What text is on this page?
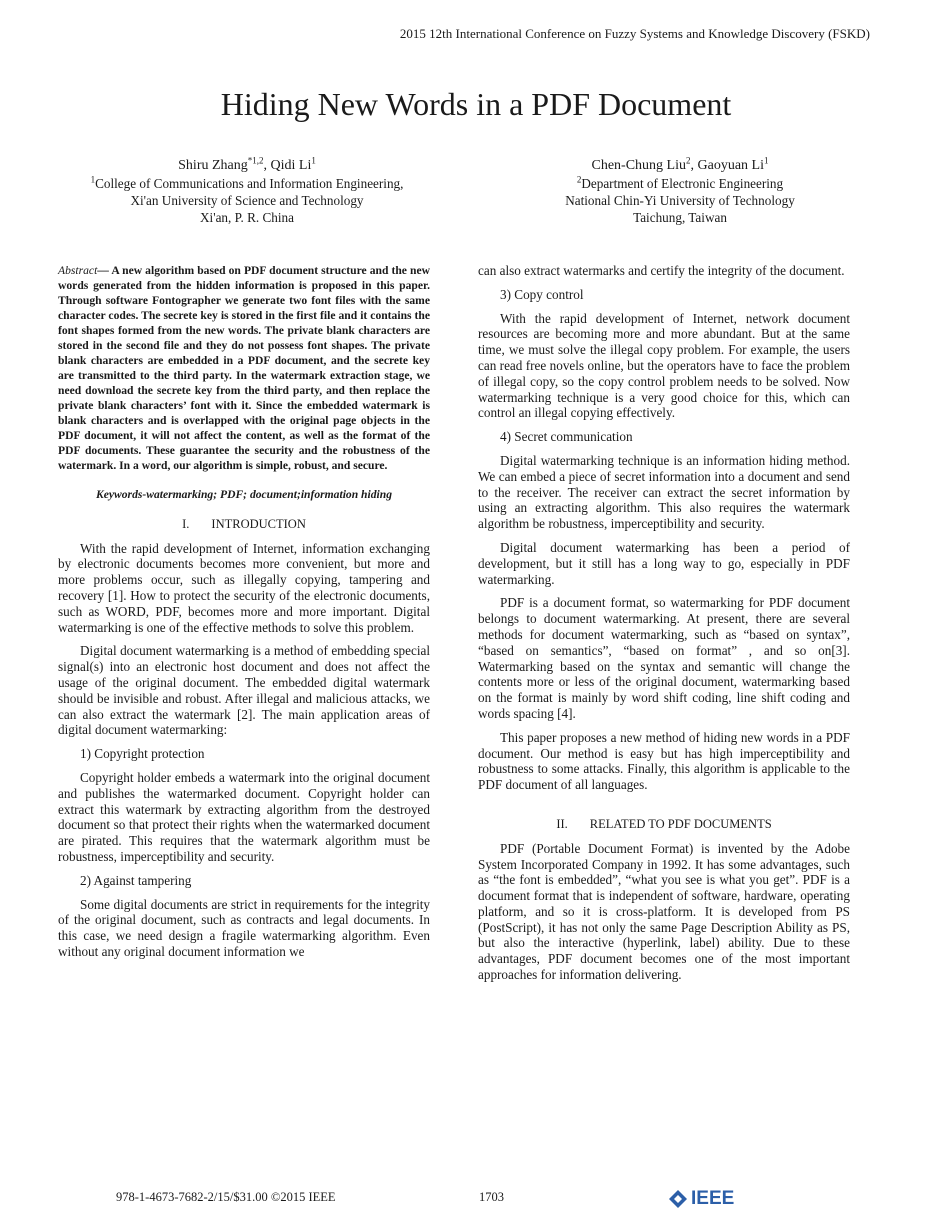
2015 12th International Conference on Fuzzy Systems and Knowledge Discovery (FSKD)
Hiding New Words in a PDF Document
Shiru Zhang$^{*1,2}$, Qidi Li$^1$
$^1$College of Communications and Information Engineering,
Xi'an University of Science and Technology
Xi'an, P. R. China
Chen-Chung Liu$^2$, Gaoyuan Li$^1$
$^2$Department of Electronic Engineering
National Chin-Yi University of Technology
Taichung, Taiwan

Abstract— A new algorithm based on PDF document structure and the new words generated from the hidden information is proposed in this paper. Through software Fontographer we generate two font files with the same character codes. The secrete key is stored in the first file and it contains the font shapes formed from the new words. The private blank characters are stored in the second file and they do not possess font shapes. The private blank characters are embedded in a PDF document, and the secrete key are transmitted to the third party. In the watermark extraction stage, we need download the secrete key from the third party, and then replace the private blank characters’ font with it. Since the embedded watermark is blank characters and is overlapped with the original page objects in the PDF document, it will not affect the content, as well as the format of the PDF documents. These guarantee the security and the robustness of the watermark. In a word, our algorithm is simple, robust, and secure.

Keywords-watermarking; PDF; document;information hiding

I. INTRODUCTION

With the rapid development of Internet, information exchanging by electronic documents becomes more convenient, but more and more problems occur, such as illegally copying, tampering and recovery [1]. How to protect the security of the electronic documents, such as WORD, PDF, becomes more and more important. Digital watermarking is one of the effective methods to solve this problem.

Digital document watermarking is a method of embedding special signal(s) into an electronic host document and does not affect the usage of the original document. The embedded digital watermark should be invisible and robust. After illegal and malicious attacks, we can also extract the watermark [2]. The main application areas of digital document watermarking:

1) Copyright protection

Copyright holder embeds a watermark into the original document and publishes the watermarked document. Copyright holder can extract this watermark by extracting algorithm from the destroyed document so that protect their rights when the watermarked document are pirated. This requires that the watermark algorithm must be robustness, imperceptibility and security.

2) Against tampering

Some digital documents are strict in requirements for the integrity of the original document, such as contracts and legal documents. In this case, we need design a fragile watermarking algorithm. Even without any original document information we

can also extract watermarks and certify the integrity of the document.

3) Copy control

With the rapid development of Internet, network document resources are becoming more and more abundant. But at the same time, we must solve the illegal copy problem. For example, the users can read free novels online, but the operators have to face the problem of illegal copy, so the copy control problem needs to be solved. Now watermarking technique is a very good choice for this, which can control an illegal copying effectively.

4) Secret communication

Digital watermarking technique is an information hiding method. We can embed a piece of secret information into a document and send to the receiver. The receiver can extract the secret information by using an extracting algorithm. This also requires the watermark algorithm be robustness, imperceptibility and security.

Digital document watermarking has been a period of development, but it still has a long way to go, especially in PDF watermarking.

PDF is a document format, so watermarking for PDF document belongs to document watermarking. At present, there are several methods for document watermarking, such as “based on syntax”, “based on semantics”, “based on format” , and so on[3]. Watermarking based on the syntax and semantic will change the contents more or less of the original document, watermarking based on the format is mainly by word shift coding, line shift coding and words spacing [4].

This paper proposes a new method of hiding new words in a PDF document. Our method is easy but has high imperceptibility and robustness to some attacks. Finally, this algorithm is applicable to the PDF document of all languages.

II. RELATED TO PDF DOCUMENTS

PDF (Portable Document Format) is invented by the Adobe System Incorporated Company in 1992. It has some advantages, such as “the font is embedded”, “what you see is what you get”. PDF is a document format that is independent of software, hardware, operating platform, and so it is cross-platform. It is developed from PS (PostScript), it has not only the same Page Description Ability as PS, but also the interactive (hyperlink, label) ability. Due to these advantages, PDF document becomes one of the most important approaches for information delivering.

978-1-4673-7682-2/15/$31.00 ©2015 IEEE	1703	IEEE
